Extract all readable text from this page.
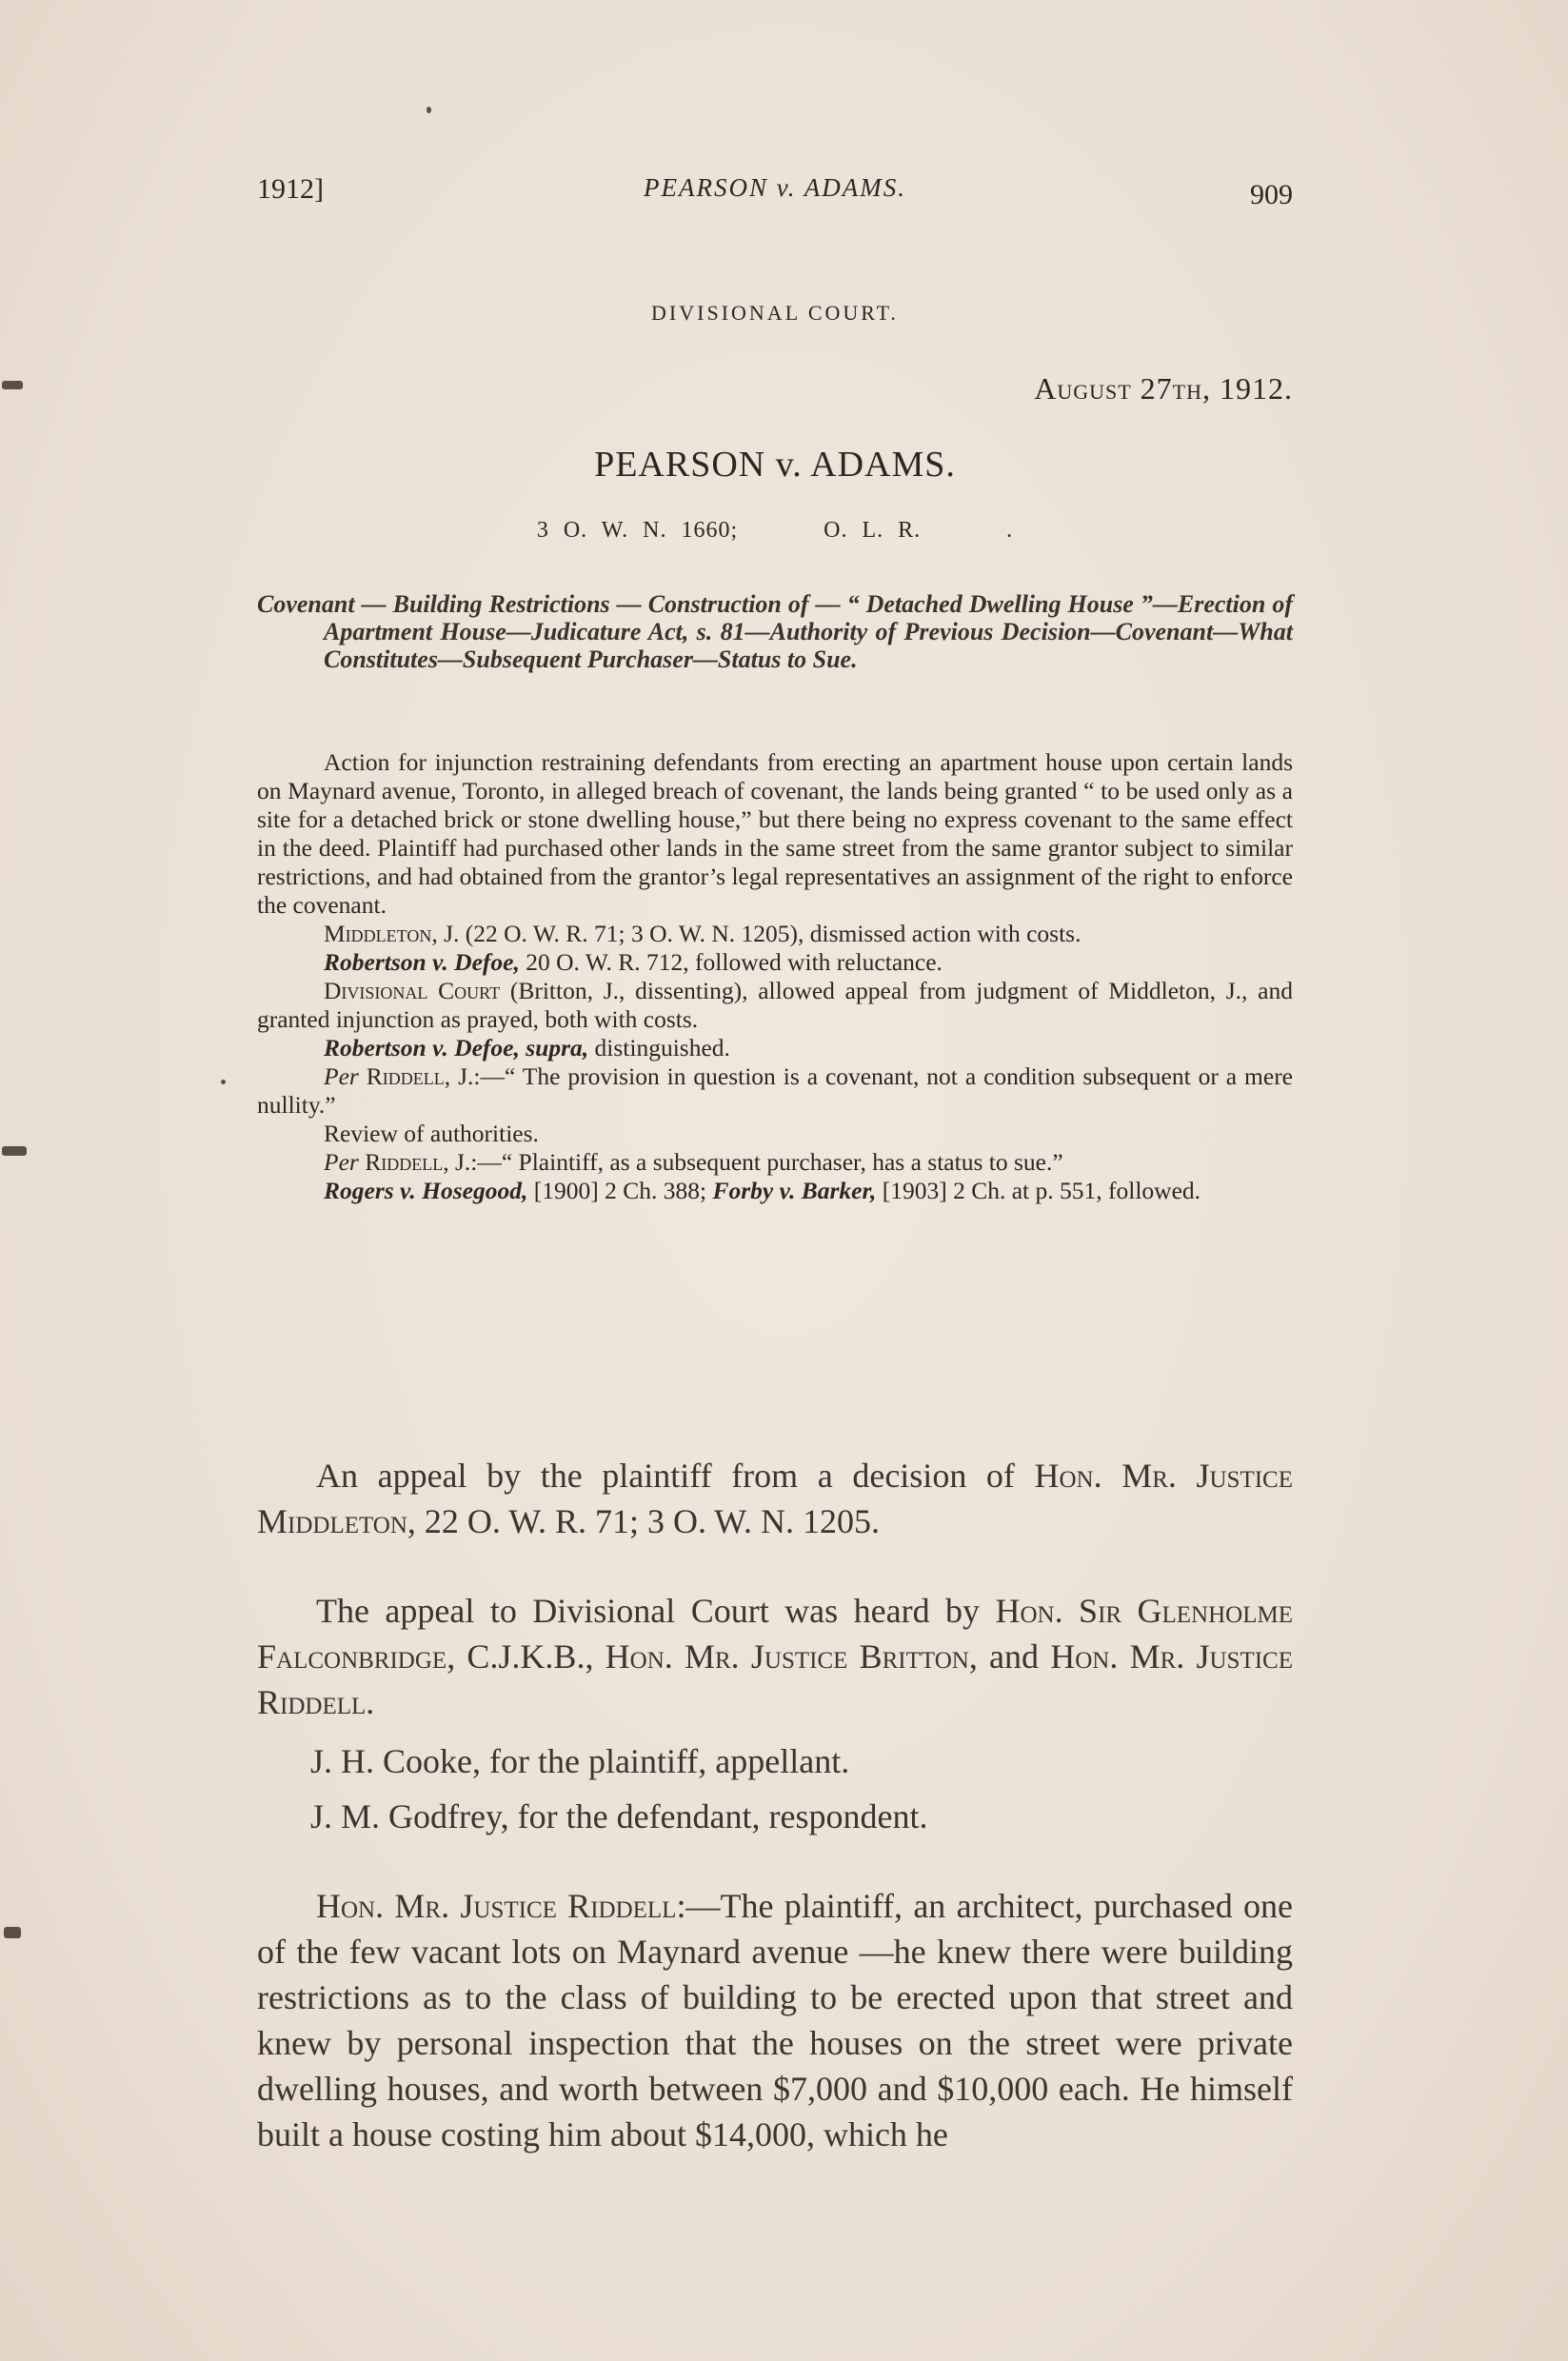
1912]	PEARSON v. ADAMS.	909
DIVISIONAL COURT.
August 27th, 1912.
PEARSON v. ADAMS.
3 O. W. N. 1660;      O. L. R.      .
Covenant — Building Restrictions — Construction of — “ Detached Dwelling House ”—Erection of Apartment House—Judicature Act, s. 81—Authority of Previous Decision—Covenant—What Constitutes—Subsequent Purchaser—Status to Sue.

Action for injunction restraining defendants from erecting an apartment house upon certain lands on Maynard avenue, Toronto, in alleged breach of covenant, the lands being granted “ to be used only as a site for a detached brick or stone dwelling house,” but there being no express covenant to the same effect in the deed. Plaintiff had purchased other lands in the same street from the same grantor subject to similar restrictions, and had obtained from the grantor’s legal representatives an assignment of the right to enforce the covenant.

Middleton, J. (22 O. W. R. 71; 3 O. W. N. 1205), dismissed action with costs.

Robertson v. Defoe, 20 O. W. R. 712, followed with reluctance.

Divisional Court (Britton, J., dissenting), allowed appeal from judgment of Middleton, J., and granted injunction as prayed, both with costs.

Robertson v. Defoe, supra, distinguished.

Per Riddell, J.:—“ The provision in question is a covenant, not a condition subsequent or a mere nullity.”

Review of authorities.

Per Riddell, J.:—“ Plaintiff, as a subsequent purchaser, has a status to sue.”

Rogers v. Hosegood, [1900] 2 Ch. 388; Forby v. Barker, [1903] 2 Ch. at p. 551, followed.

An appeal by the plaintiff from a decision of Hon. Mr. Justice Middleton, 22 O. W. R. 71; 3 O. W. N. 1205.

The appeal to Divisional Court was heard by Hon. Sir Glenholme Falconbridge, C.J.K.B., Hon. Mr. Justice Britton, and Hon. Mr. Justice Riddell.

J. H. Cooke, for the plaintiff, appellant.

J. M. Godfrey, for the defendant, respondent.

Hon. Mr. Justice Riddell:—The plaintiff, an architect, purchased one of the few vacant lots on Maynard avenue —he knew there were building restrictions as to the class of building to be erected upon that street and knew by personal inspection that the houses on the street were private dwelling houses, and worth between $7,000 and $10,000 each. He himself built a house costing him about $14,000, which he
